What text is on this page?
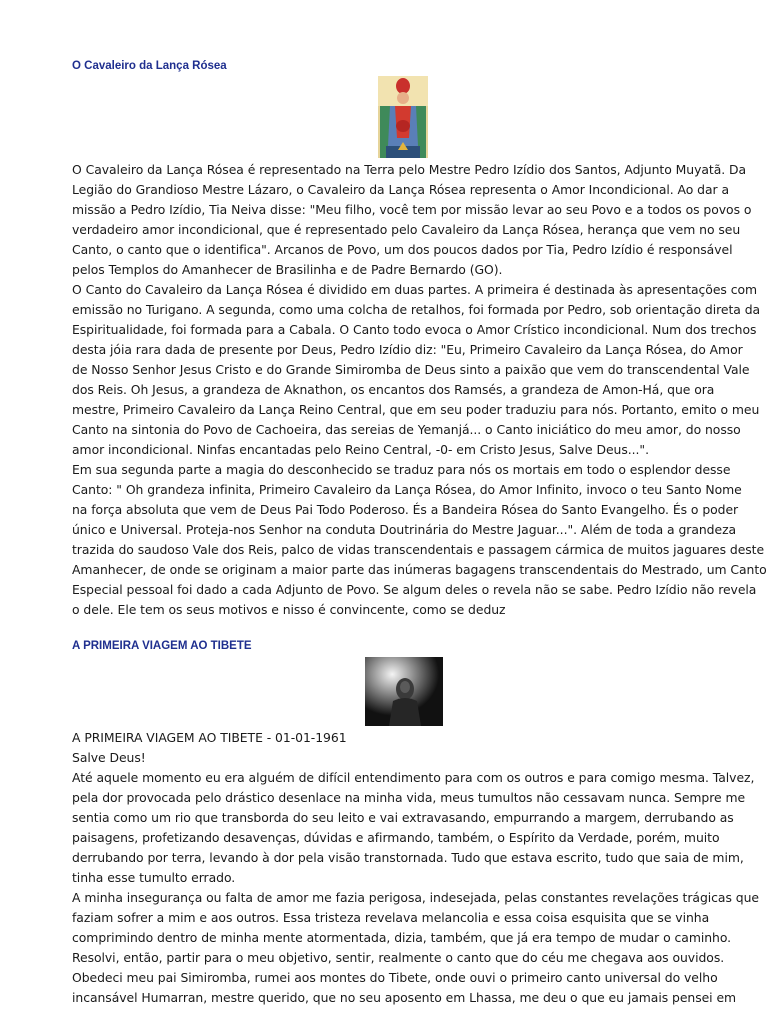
O Cavaleiro da Lança Rósea
O Cavaleiro da Lança Rósea é representado na Terra pelo Mestre Pedro Izídio dos Santos, Adjunto Muyatã. Da
Legião do Grandioso Mestre Lázaro, o Cavaleiro da Lança Rósea representa o Amor Incondicional. Ao dar a
missão a Pedro Izídio, Tia Neiva disse: "Meu filho, você tem por missão levar ao seu Povo e a todos os povos o
verdadeiro amor incondicional, que é representado pelo Cavaleiro da Lança Rósea, herança que vem no seu
Canto, o canto que o identifica". Arcanos de Povo, um dos poucos dados por Tia, Pedro Izídio é responsável
pelos Templos do Amanhecer de Brasilinha e de Padre Bernardo (GO).
O Canto do Cavaleiro da Lança Rósea é dividido em duas partes. A primeira é destinada às apresentações com
emissão no Turigano. A segunda, como uma colcha de retalhos, foi formada por Pedro, sob orientação direta da
Espiritualidade, foi formada para a Cabala. O Canto todo evoca o Amor Crístico incondicional. Num dos trechos
desta jóia rara dada de presente por Deus, Pedro Izídio diz: "Eu, Primeiro Cavaleiro da Lança Rósea, do Amor
de Nosso Senhor Jesus Cristo e do Grande Simiromba de Deus sinto a paixão que vem do transcendental Vale
dos Reis. Oh Jesus, a grandeza de Aknathon, os encantos dos Ramsés, a grandeza de Amon-Há, que ora
mestre, Primeiro Cavaleiro da Lança Reino Central, que em seu poder traduziu para nós. Portanto, emito o meu
Canto na sintonia do Povo de Cachoeira, das sereias de Yemanjá... o Canto iniciático do meu amor, do nosso
amor incondicional. Ninfas encantadas pelo Reino Central, -0- em Cristo Jesus, Salve Deus...".
Em sua segunda parte a magia do desconhecido se traduz para nós os mortais em todo o esplendor desse
Canto: " Oh grandeza infinita, Primeiro Cavaleiro da Lança Rósea, do Amor Infinito, invoco o teu Santo Nome
na força absoluta que vem de Deus Pai Todo Poderoso. És a Bandeira Rósea do Santo Evangelho. És o poder
único e Universal. Proteja-nos Senhor na conduta Doutrinária do Mestre Jaguar...". Além de toda a grandeza
trazida do saudoso Vale dos Reis, palco de vidas transcendentais e passagem cármica de muitos jaguares deste
Amanhecer, de onde se originam a maior parte das inúmeras bagagens transcendentais do Mestrado, um Canto
Especial pessoal foi dado a cada Adjunto de Povo. Se algum deles o revela não se sabe. Pedro Izídio não revela
o dele. Ele tem os seus motivos e nisso é convincente, como se deduz
A PRIMEIRA VIAGEM AO TIBETE
A PRIMEIRA VIAGEM AO TIBETE - 01-01-1961
Salve Deus!
Até aquele momento eu era alguém de difícil entendimento para com os outros e para comigo mesma. Talvez,
pela dor provocada pelo drástico desenlace na minha vida, meus tumultos não cessavam nunca. Sempre me
sentia como um rio que transborda do seu leito e vai extravasando, empurrando a margem, derrubando as
paisagens, profetizando desavenças, dúvidas e afirmando, também, o Espírito da Verdade, porém, muito
derrubando por terra, levando à dor pela visão transtornada. Tudo que estava escrito, tudo que saia de mim,
tinha esse tumulto errado.
A minha insegurança ou falta de amor me fazia perigosa, indesejada, pelas constantes revelações trágicas que
faziam sofrer a mim e aos outros. Essa tristeza revelava melancolia e essa coisa esquisita que se vinha
comprimindo dentro de minha mente atormentada, dizia, também, que já era tempo de mudar o caminho.
Resolvi, então, partir para o meu objetivo, sentir, realmente o canto que do céu me chegava aos ouvidos.
Obedeci meu pai Simiromba, rumei aos montes do Tibete, onde ouvi o primeiro canto universal do velho
incansável Humarran, mestre querido, que no seu aposento em Lhassa, me deu o que eu jamais pensei em
